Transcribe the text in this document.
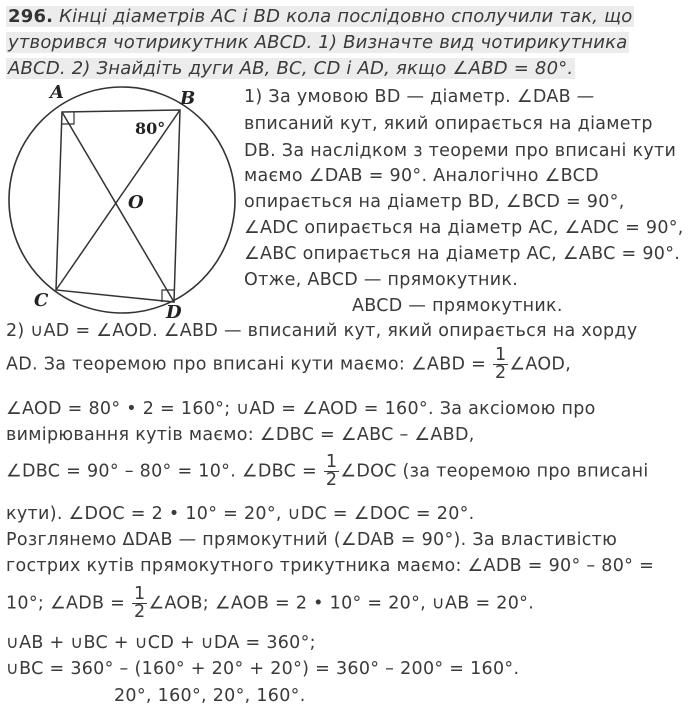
296. Кінці діаметрів AC і BD кола послідовно сполучили так, що
утворився чотирикутник ABCD. 1) Визначте вид чотирикутника
ABCD. 2) Знайдіть дуги AB, BC, CD і AD, якщо ∠ABD = 80°.
A	B
C
D
O
80°
1) За умовою BD — діаметр. ∠DAB —
вписаний кут, який опирається на діаметр
DB. За наслідком з теореми про вписані кути
маємо ∠DAB = 90°. Аналогічно ∠BCD
опирається на діаметр BD, ∠BCD = 90°,
∠ADC опирається на діаметр AC, ∠ADC = 90°,
∠ABC опирається на діаметр AC, ∠ABC = 90°.
Отже, ABCD — прямокутник.
ABCD — прямокутник.
2) ∪AD = ∠AOD. ∠ABD — вписаний кут, який опирається на хорду
AD. За теоремою про вписані кути маємо: ∠ABD = $\frac{1}{2}$ ∠AOD,
∠AOD = 80° • 2 = 160°; ∪AD = ∠AOD = 160°. За аксіомою про
вимірювання кутів маємо: ∠DBC = ∠ABC – ∠ABD,
∠DBC = 90° – 80° = 10°. ∠DBC = $\frac{1}{2}$ ∠DOC (за теоремою про вписані
кути). ∠DOC = 2 • 10° = 20°, ∪DC = ∠DOC = 20°.
Розглянемо ΔDAB — прямокутний (∠DAB = 90°). За властивістю
гострих кутів прямокутного трикутника маємо: ∠ADB = 90° – 80° =
10°; ∠ADB = $\frac{1}{2}$ ∠AOB; ∠AOB = 2 • 10° = 20°, ∪AB = 20°.
∪AB + ∪BC + ∪CD + ∪DA = 360°;
∪BC = 360° – (160° + 20° + 20°) = 360° – 200° = 160°.
20°, 160°, 20°, 160°.
